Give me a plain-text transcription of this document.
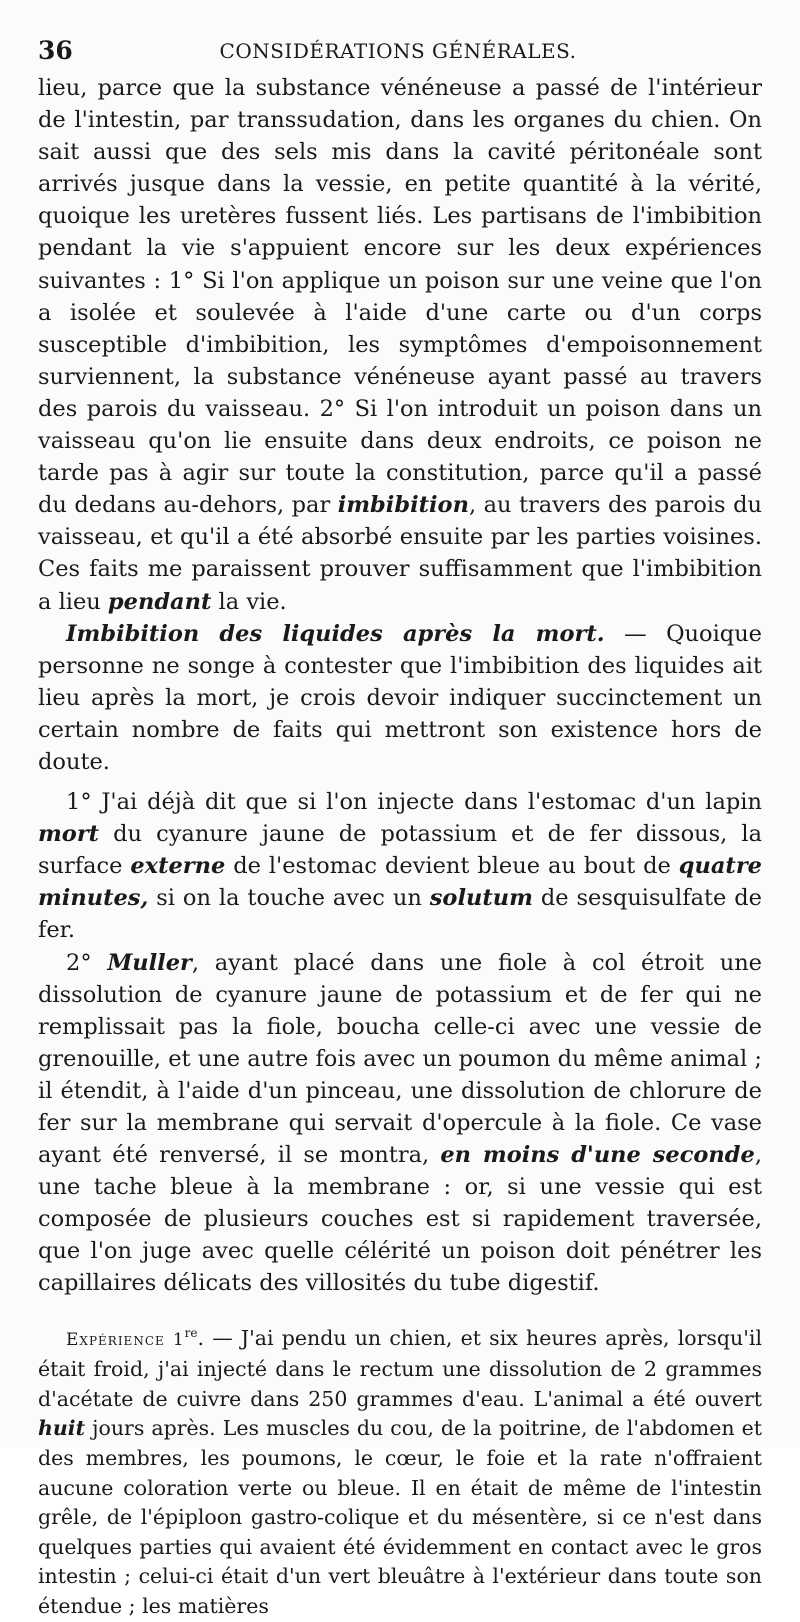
36	CONSIDÉRATIONS GÉNÉRALES.

lieu, parce que la substance vénéneuse a passé de l'intérieur de l'intestin, par transsudation, dans les organes du chien. On sait aussi que des sels mis dans la cavité péritonéale sont arrivés jusque dans la vessie, en petite quantité à la vérité, quoique les uretères fussent liés. Les partisans de l'imbibition pendant la vie s'appuient encore sur les deux expériences suivantes : 1° Si l'on applique un poison sur une veine que l'on a isolée et soulevée à l'aide d'une carte ou d'un corps susceptible d'imbibition, les symptômes d'empoisonnement surviennent, la substance vénéneuse ayant passé au travers des parois du vaisseau. 2° Si l'on introduit un poison dans un vaisseau qu'on lie ensuite dans deux endroits, ce poison ne tarde pas à agir sur toute la constitution, parce qu'il a passé du dedans au-dehors, par imbibition, au travers des parois du vaisseau, et qu'il a été absorbé ensuite par les parties voisines. Ces faits me paraissent prouver suffisamment que l'imbibition a lieu pendant la vie.

Imbibition des liquides après la mort. — Quoique personne ne songe à contester que l'imbibition des liquides ait lieu après la mort, je crois devoir indiquer succinctement un certain nombre de faits qui mettront son existence hors de doute.

1° J'ai déjà dit que si l'on injecte dans l'estomac d'un lapin mort du cyanure jaune de potassium et de fer dissous, la surface externe de l'estomac devient bleue au bout de quatre minutes, si on la touche avec un solutum de sesquisulfate de fer.

2° Muller, ayant placé dans une fiole à col étroit une dissolution de cyanure jaune de potassium et de fer qui ne remplissait pas la fiole, boucha celle-ci avec une vessie de grenouille, et une autre fois avec un poumon du même animal ; il étendit, à l'aide d'un pinceau, une dissolution de chlorure de fer sur la membrane qui servait d'opercule à la fiole. Ce vase ayant été renversé, il se montra, en moins d'une seconde, une tache bleue à la membrane : or, si une vessie qui est composée de plusieurs couches est si rapidement traversée, que l'on juge avec quelle célérité un poison doit pénétrer les capillaires délicats des villosités du tube digestif.

Expérience 1re. — J'ai pendu un chien, et six heures après, lorsqu'il était froid, j'ai injecté dans le rectum une dissolution de 2 grammes d'acétate de cuivre dans 250 grammes d'eau. L'animal a été ouvert huit jours après. Les muscles du cou, de la poitrine, de l'abdomen et des membres, les poumons, le cœur, le foie et la rate n'offraient aucune coloration verte ou bleue. Il en était de même de l'intestin grêle, de l'épiploon gastro-colique et du mésentère, si ce n'est dans quelques parties qui avaient été évidemment en contact avec le gros intestin ; celui-ci était d'un vert bleuâtre à l'extérieur dans toute son étendue ; les matières
